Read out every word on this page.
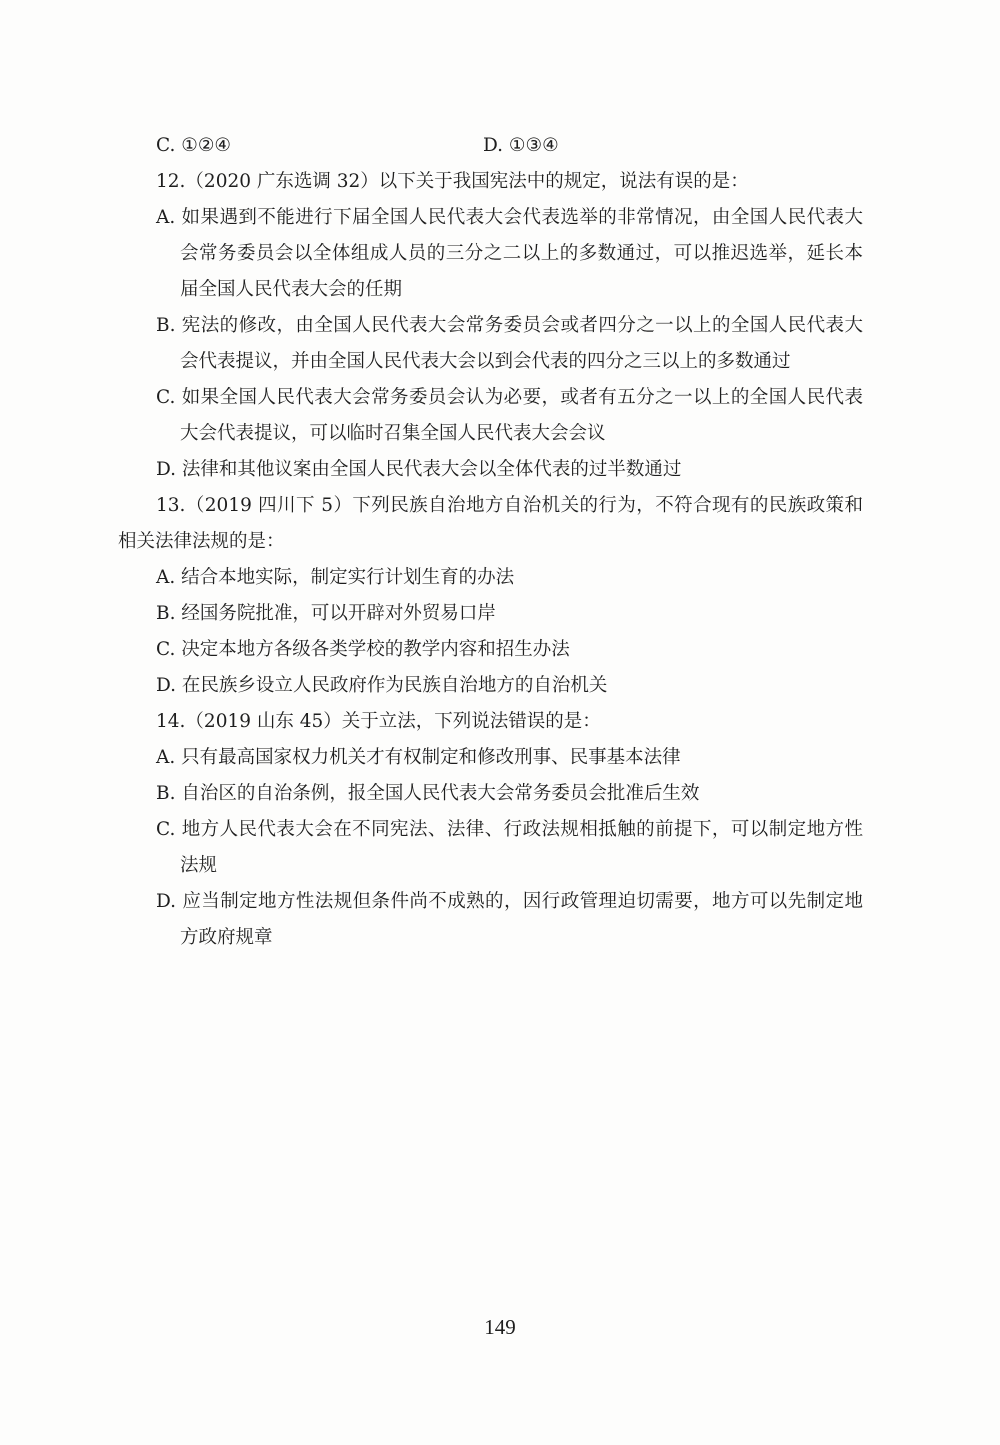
C. ①②④	D. ①③④
12.（2020 广东选调 32）以下关于我国宪法中的规定，说法有误的是：
A. 如果遇到不能进行下届全国人民代表大会代表选举的非常情况，由全国人民代表大会常务委员会以全体组成人员的三分之二以上的多数通过，可以推迟选举，延长本届全国人民代表大会的任期
B. 宪法的修改，由全国人民代表大会常务委员会或者四分之一以上的全国人民代表大会代表提议，并由全国人民代表大会以到会代表的四分之三以上的多数通过
C. 如果全国人民代表大会常务委员会认为必要，或者有五分之一以上的全国人民代表大会代表提议，可以临时召集全国人民代表大会会议
D. 法律和其他议案由全国人民代表大会以全体代表的过半数通过
13.（2019 四川下 5）下列民族自治地方自治机关的行为，不符合现有的民族政策和相关法律法规的是：
A. 结合本地实际，制定实行计划生育的办法
B. 经国务院批准，可以开辟对外贸易口岸
C. 决定本地方各级各类学校的教学内容和招生办法
D. 在民族乡设立人民政府作为民族自治地方的自治机关
14.（2019 山东 45）关于立法，下列说法错误的是：
A. 只有最高国家权力机关才有权制定和修改刑事、民事基本法律
B. 自治区的自治条例，报全国人民代表大会常务委员会批准后生效
C. 地方人民代表大会在不同宪法、法律、行政法规相抵触的前提下，可以制定地方性法规
D. 应当制定地方性法规但条件尚不成熟的，因行政管理迫切需要，地方可以先制定地方政府规章
149
